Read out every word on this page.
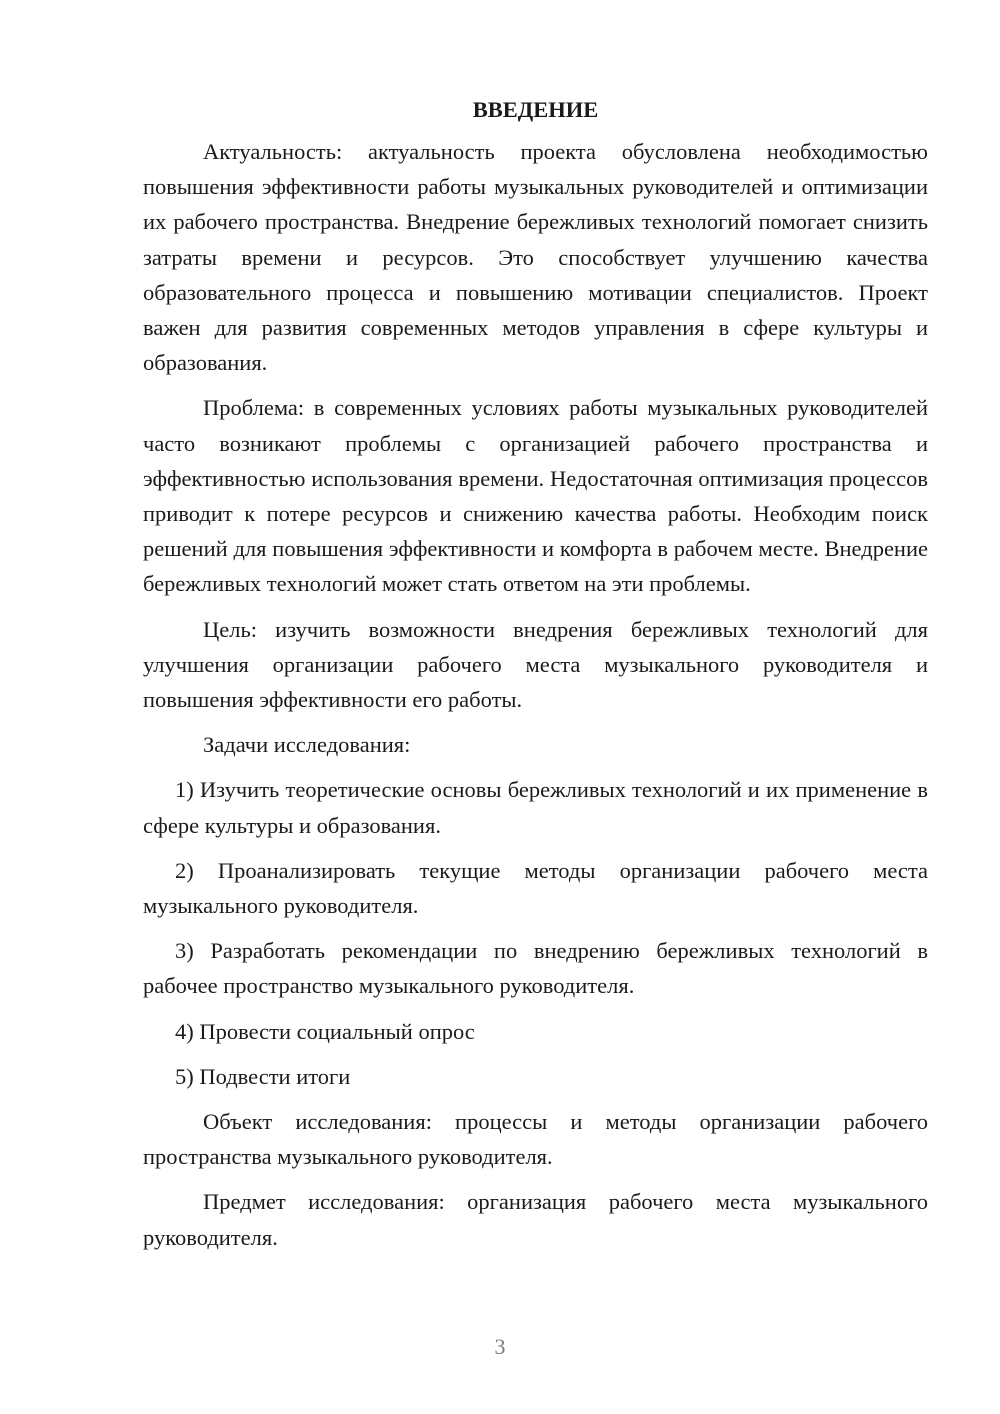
ВВЕДЕНИЕ

Актуальность: актуальность проекта обусловлена необходимостью повышения эффективности работы музыкальных руководителей и оптимизации их рабочего пространства. Внедрение бережливых технологий помогает снизить затраты времени и ресурсов. Это способствует улучшению качества образовательного процесса и повышению мотивации специалистов. Проект важен для развития современных методов управления в сфере культуры и образования.

Проблема: в современных условиях работы музыкальных руководителей часто возникают проблемы с организацией рабочего пространства и эффективностью использования времени. Недостаточная оптимизация процессов приводит к потере ресурсов и снижению качества работы. Необходим поиск решений для повышения эффективности и комфорта в рабочем месте. Внедрение бережливых технологий может стать ответом на эти проблемы.

Цель: изучить возможности внедрения бережливых технологий для улучшения организации рабочего места музыкального руководителя и повышения эффективности его работы.

Задачи исследования:

1) Изучить теоретические основы бережливых технологий и их применение в сфере культуры и образования.

2) Проанализировать текущие методы организации рабочего места музыкального руководителя.

3) Разработать рекомендации по внедрению бережливых технологий в рабочее пространство музыкального руководителя.

4) Провести социальный опрос

5) Подвести итоги

Объект исследования: процессы и методы организации рабочего пространства музыкального руководителя.

Предмет исследования: организация рабочего места музыкального руководителя.

3
